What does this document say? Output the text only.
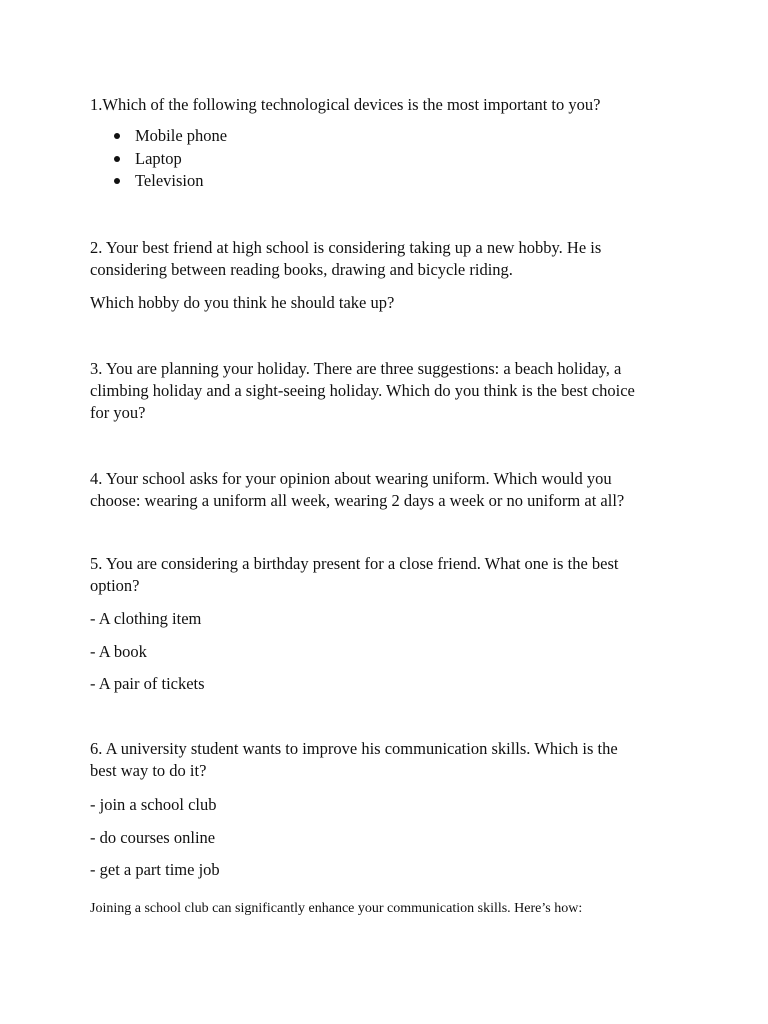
1.Which of the following technological devices is the most important to you?
Mobile phone
Laptop
Television
2. Your best friend at high school is considering taking up a new hobby. He is
considering between reading books, drawing and bicycle riding.
Which hobby do you think he should take up?
3. You are planning your holiday. There are three suggestions: a beach holiday, a
climbing holiday and a sight-seeing holiday. Which do you think is the best choice
for you?
4. Your school asks for your opinion about wearing uniform. Which would you
choose: wearing a uniform all week, wearing 2 days a week or no uniform at all?
5. You are considering a birthday present for a close friend. What one is the best
option?
- A clothing item
- A book
- A pair of tickets
6. A university student wants to improve his communication skills. Which is the
best way to do it?
- join a school club
- do courses online
- get a part time job
Joining a school club can significantly enhance your communication skills. Here’s how:
